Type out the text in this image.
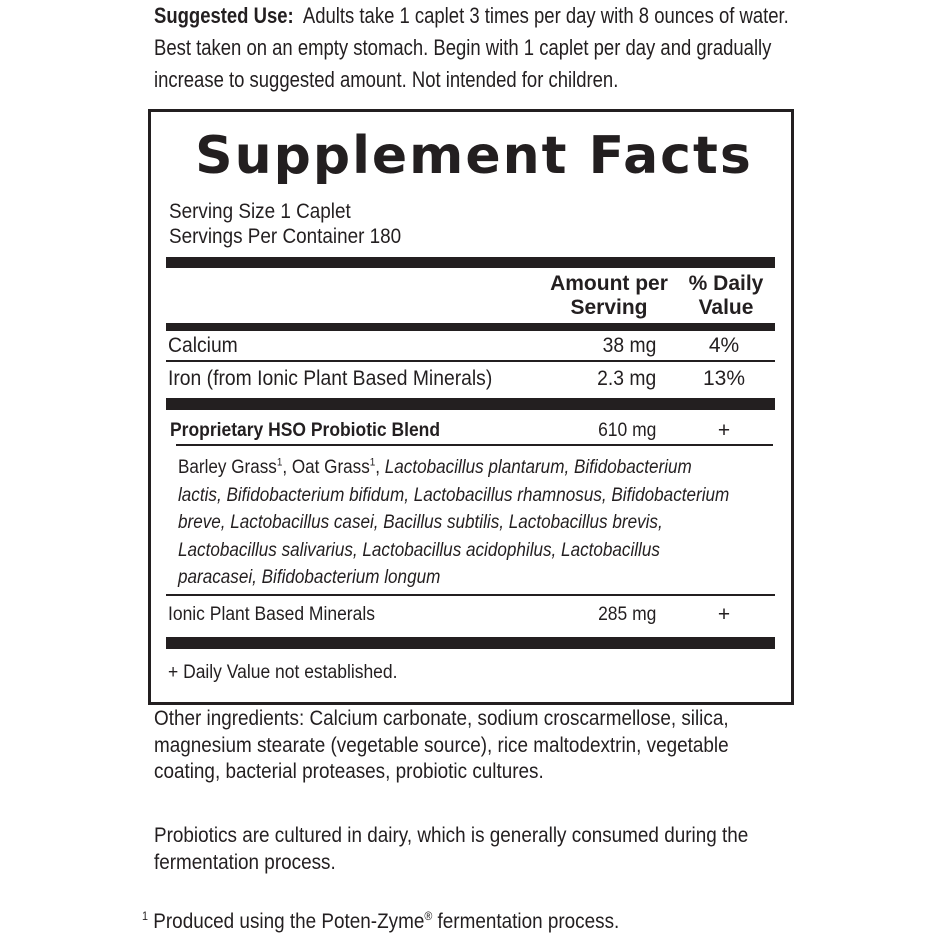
Suggested Use: Adults take 1 caplet 3 times per day with 8 ounces of water.
Best taken on an empty stomach. Begin with 1 caplet per day and gradually
increase to suggested amount. Not intended for children.
Supplement Facts
Serving Size 1 Caplet
Servings Per Container 180
Amount per
Serving
% Daily
Value
Calcium	38 mg	4%
Iron (from Ionic Plant Based Minerals)	2.3 mg	13%
Proprietary HSO Probiotic Blend	610 mg	+
Barley Grass$^1$, Oat Grass$^1$, Lactobacillus plantarum, Bifidobacterium
lactis, Bifidobacterium bifidum, Lactobacillus rhamnosus, Bifidobacterium
breve, Lactobacillus casei, Bacillus subtilis, Lactobacillus brevis,
Lactobacillus salivarius, Lactobacillus acidophilus, Lactobacillus
paracasei, Bifidobacterium longum
Ionic Plant Based Minerals	285 mg	+
+ Daily Value not established.
Other ingredients: Calcium carbonate, sodium croscarmellose, silica,
magnesium stearate (vegetable source), rice maltodextrin, vegetable
coating, bacterial proteases, probiotic cultures.
Probiotics are cultured in dairy, which is generally consumed during the
fermentation process.
$^1$ Produced using the Poten-Zyme® fermentation process.
